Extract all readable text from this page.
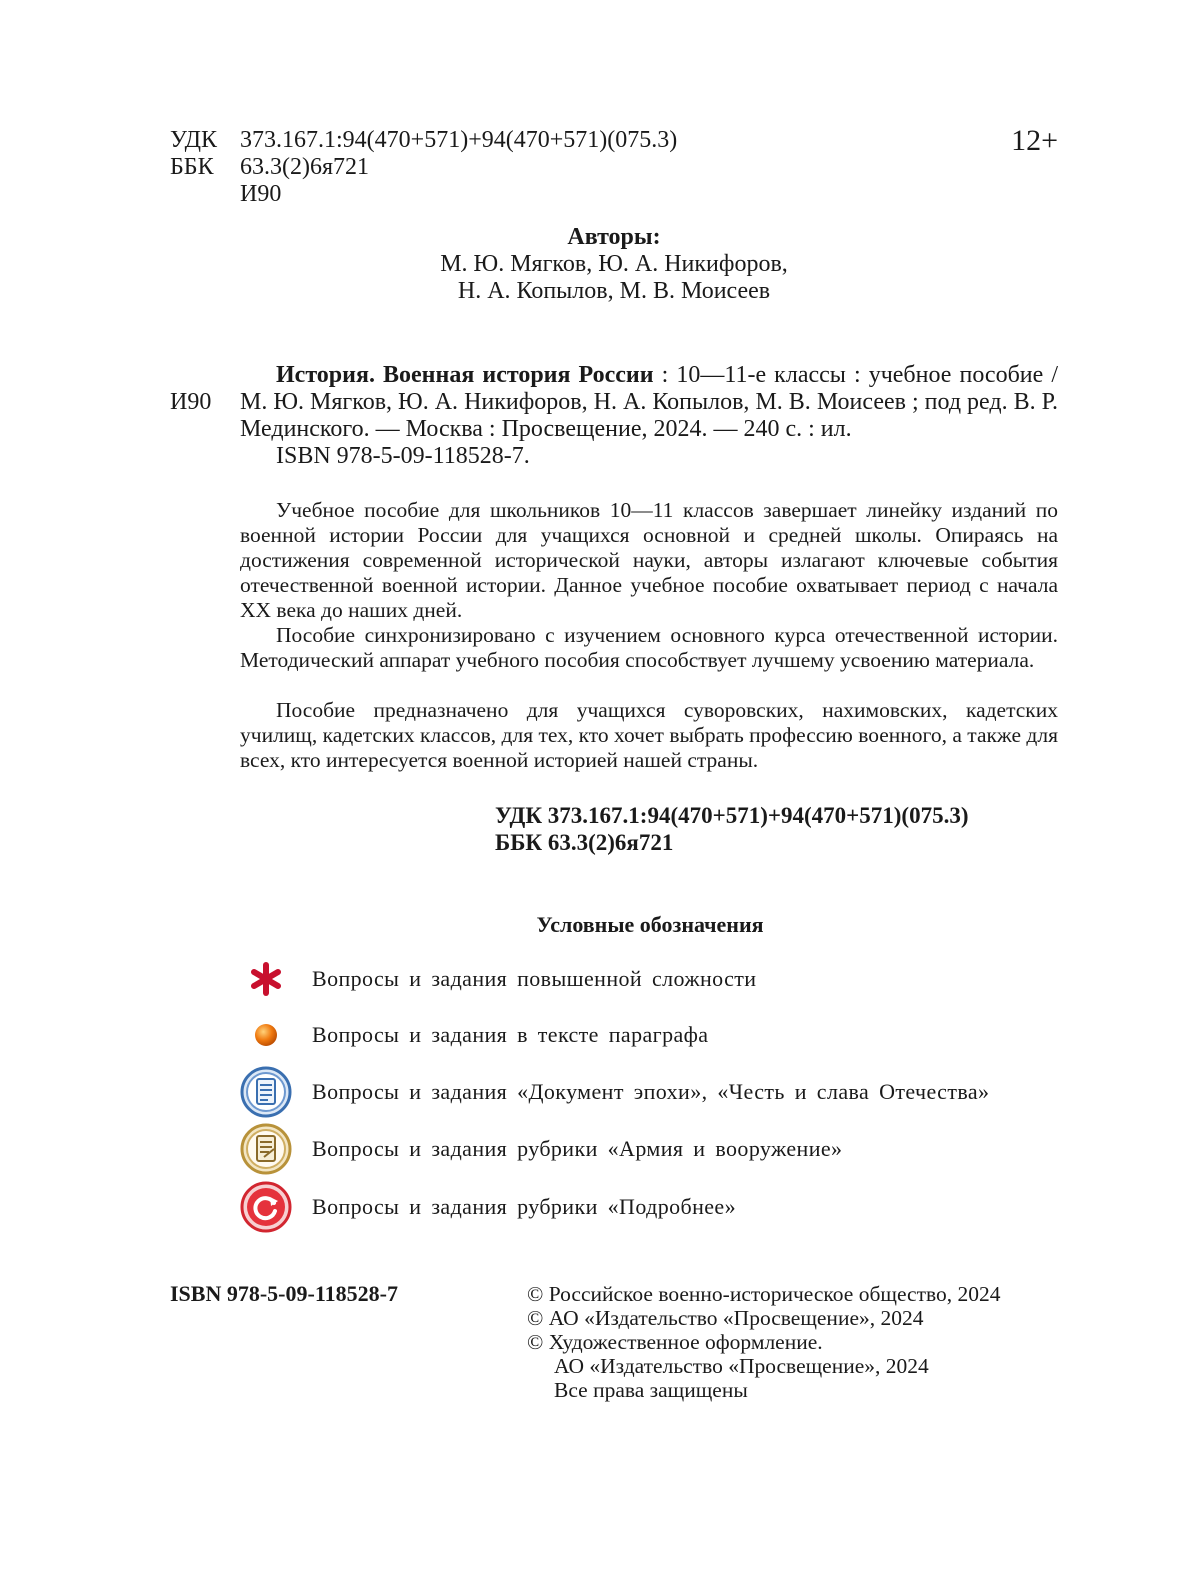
УДК 373.167.1:94(470+571)+94(470+571)(075.3)
ББК 63.3(2)6я721
И90
12+
Авторы:
М. Ю. Мягков, Ю. А. Никифоров,
Н. А. Копылов, М. В. Моисеев
И90
История. Военная история России : 10—11-е классы : учебное пособие / М. Ю. Мягков, Ю. А. Никифоров, Н. А. Копылов, М. В. Моисеев ; под ред. В. Р. Мединского. — Москва : Просвещение, 2024. — 240 с. : ил.
ISBN 978-5-09-118528-7.
Учебное пособие для школьников 10—11 классов завершает линейку изданий по военной истории России для учащихся основной и средней школы. Опираясь на достижения современной исторической науки, авторы излагают ключевые события отечественной военной истории. Данное учебное пособие охватывает период с начала XX века до наших дней.
Пособие синхронизировано с изучением основного курса отечественной истории. Методический аппарат учебного пособия способствует лучшему усвоению материала.
Пособие предназначено для учащихся суворовских, нахимовских, кадетских училищ, кадетских классов, для тех, кто хочет выбрать профессию военного, а также для всех, кто интересуется военной историей нашей страны.
УДК 373.167.1:94(470+571)+94(470+571)(075.3)
ББК 63.3(2)6я721
Условные обозначения
Вопросы и задания повышенной сложности
Вопросы и задания в тексте параграфа
Вопросы и задания «Документ эпохи», «Честь и слава Отечества»
Вопросы и задания рубрики «Армия и вооружение»
Вопросы и задания рубрики «Подробнее»
ISBN 978-5-09-118528-7	© Российское военно-историческое общество, 2024
© АО «Издательство «Просвещение», 2024
© Художественное оформление.
АО «Издательство «Просвещение», 2024
Все права защищены
